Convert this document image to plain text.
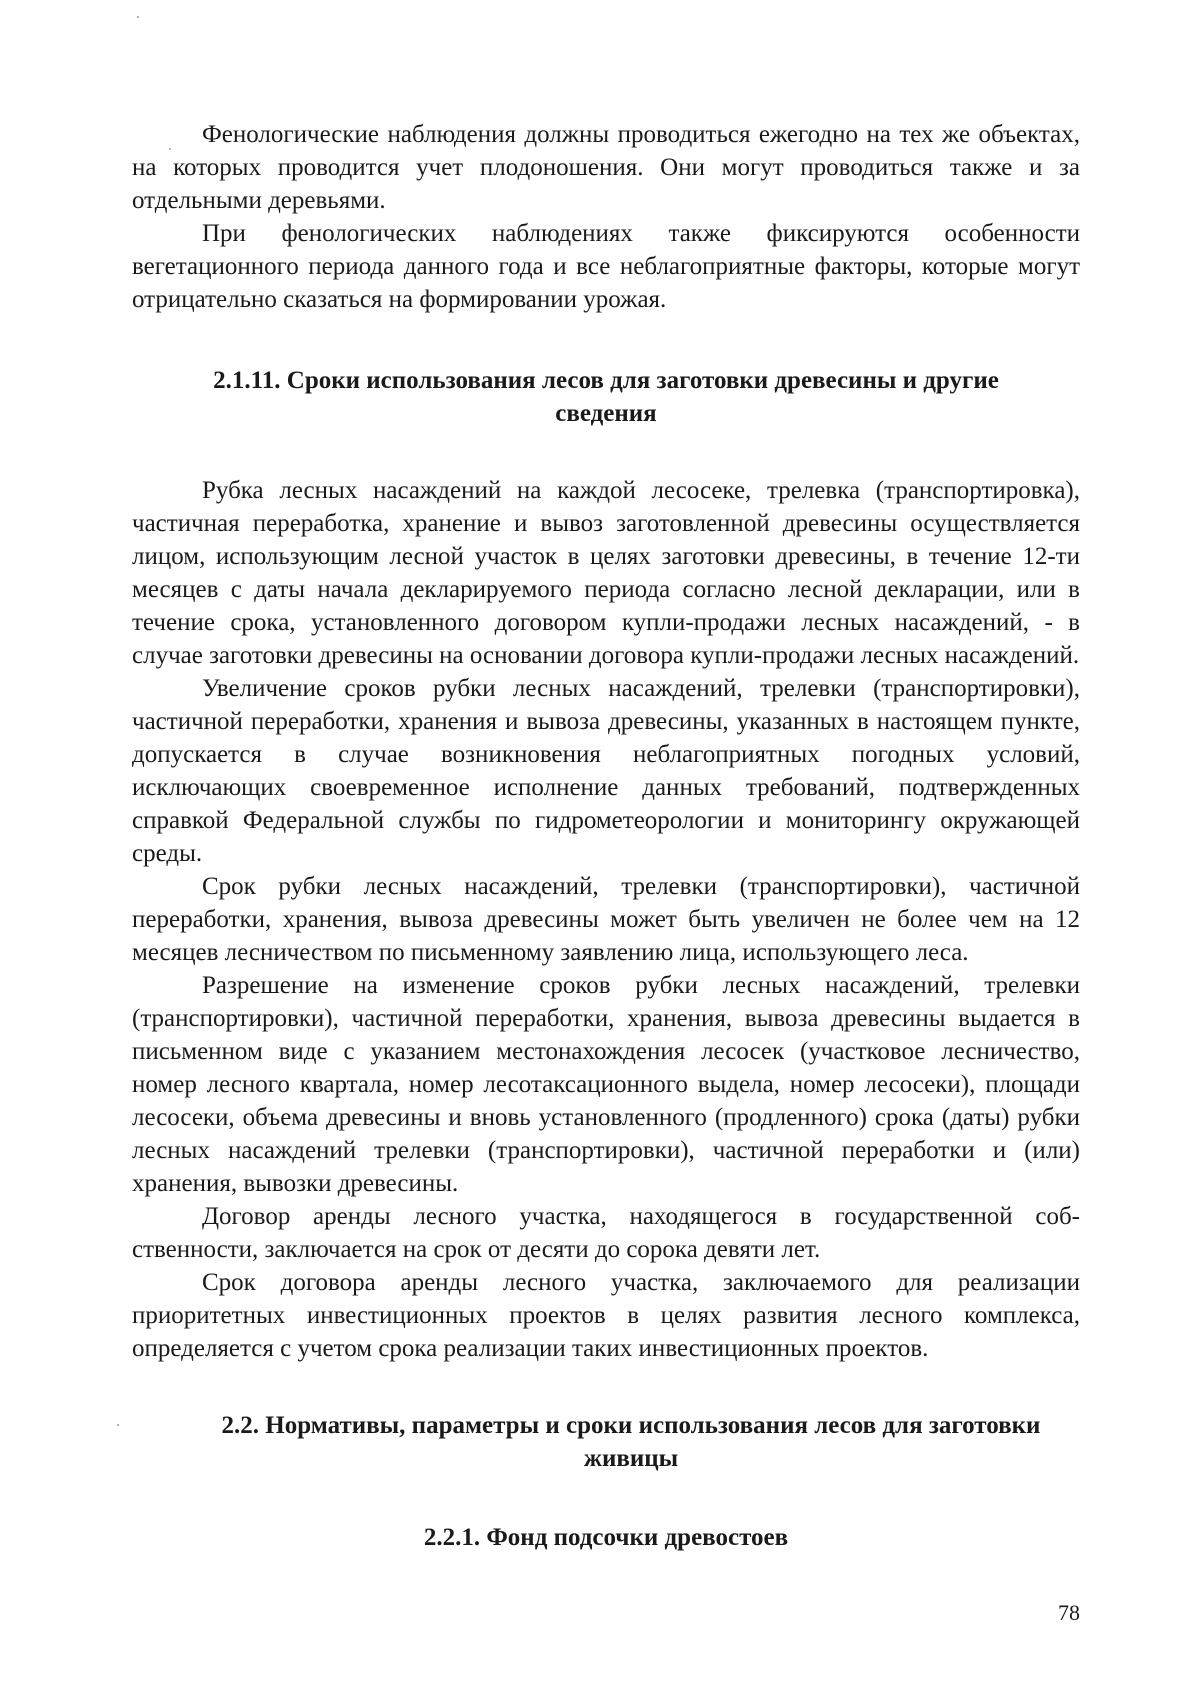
Фенологические наблюдения должны проводиться ежегодно на тех же объектах, на которых проводится учет плодоношения. Они могут проводиться также и за отдельными деревьями.

При фенологических наблюдениях также фиксируются особенности вегетационного периода данного года и все неблагоприятные факторы, которые могут отрицательно сказаться на формировании урожая.

2.1.11. Сроки использования лесов для заготовки древесины и другие сведения

Рубка лесных насаждений на каждой лесосеке, трелевка (транспортировка), частичная переработка, хранение и вывоз заготовленной древесины осуществляется лицом, использующим лесной участок в целях заготовки древесины, в течение 12-ти месяцев с даты начала декларируемого периода согласно лесной декларации, или в течение срока, установленного договором купли-продажи лесных насаждений, - в случае заготовки древесины на основании договора купли-продажи лесных насаждений.

Увеличение сроков рубки лесных насаждений, трелевки (транспортировки), частичной переработки, хранения и вывоза древесины, указанных в настоящем пункте, допускается в случае возникновения неблагоприятных погодных условий, исключающих своевременное исполнение данных требований, подтвержденных справкой Федеральной службы по гидрометеорологии и мониторингу окружающей среды.

Срок рубки лесных насаждений, трелевки (транспортировки), частичной переработки, хранения, вывоза древесины может быть увеличен не более чем на 12 месяцев лесничеством по письменному заявлению лица, использующего леса.

Разрешение на изменение сроков рубки лесных насаждений, трелевки (транспортировки), частичной переработки, хранения, вывоза древесины выдается в письменном виде с указанием местонахождения лесосек (участковое лесничество, номер лесного квартала, номер лесотаксационного выдела, номер лесосеки), площади лесосеки, объема древесины и вновь установленного (продленного) срока (даты) рубки лесных насаждений трелевки (транспортировки), частичной переработки и (или) хранения, вывозки древесины.

Договор аренды лесного участка, находящегося в государственной собственности, заключается на срок от десяти до сорока девяти лет.

Срок договора аренды лесного участка, заключаемого для реализации приоритетных инвестиционных проектов в целях развития лесного комплекса, определяется с учетом срока реализации таких инвестиционных проектов.

2.2. Нормативы, параметры и сроки использования лесов для заготовки живицы
2.2.1. Фонд подсочки древостоев
78
